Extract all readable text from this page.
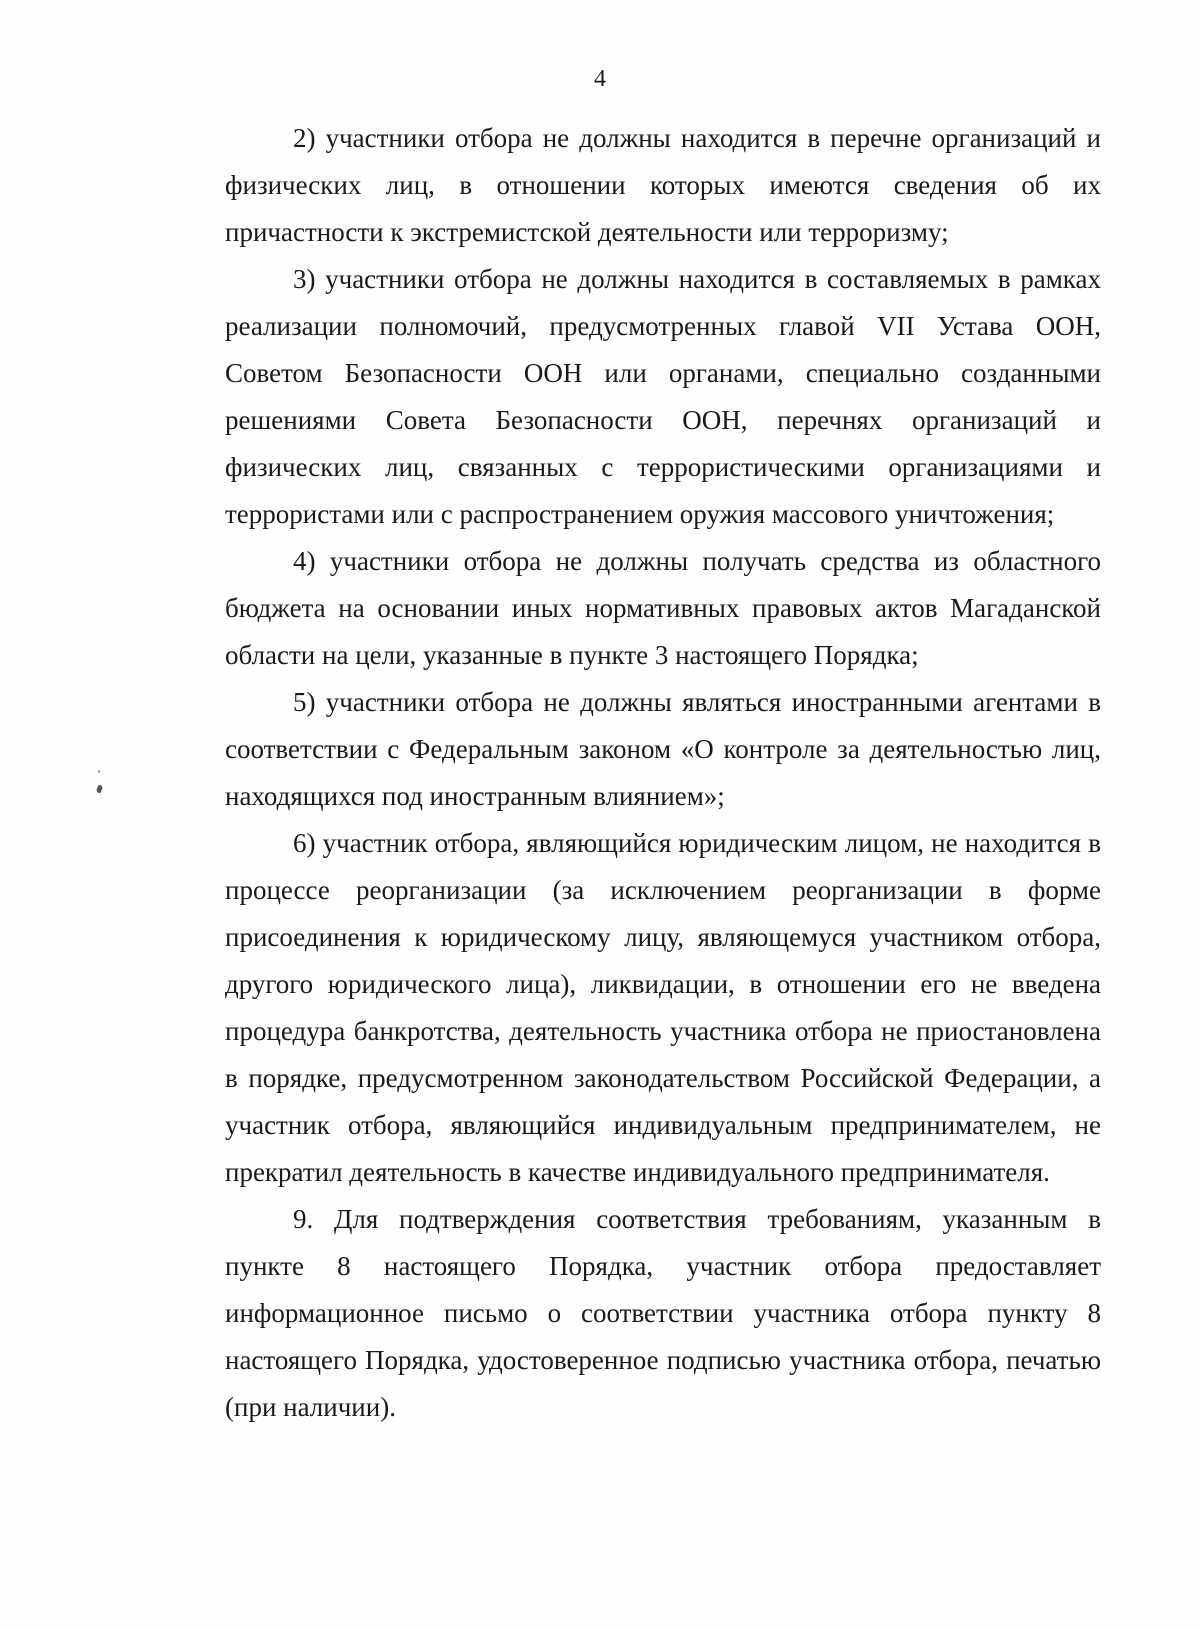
4

2) участники отбора не должны находится в перечне организаций и физических лиц, в отношении которых имеются сведения об их причастности к экстремистской деятельности или терроризму;

3) участники отбора не должны находится в составляемых в рамках реализации полномочий, предусмотренных главой VII Устава ООН, Советом Безопасности ООН или органами, специально созданными решениями Совета Безопасности ООН, перечнях организаций и физических лиц, связанных с террористическими организациями и террористами или с распространением оружия массового уничтожения;

4) участники отбора не должны получать средства из областного бюджета на основании иных нормативных правовых актов Магаданской области на цели, указанные в пункте 3 настоящего Порядка;

5) участники отбора не должны являться иностранными агентами в соответствии с Федеральным законом «О контроле за деятельностью лиц, находящихся под иностранным влиянием»;

6) участник отбора, являющийся юридическим лицом, не находится в процессе реорганизации (за исключением реорганизации в форме присоединения к юридическому лицу, являющемуся участником отбора, другого юридического лица), ликвидации, в отношении его не введена процедура банкротства, деятельность участника отбора не приостановлена в порядке, предусмотренном законодательством Российской Федерации, а участник отбора, являющийся индивидуальным предпринимателем, не прекратил деятельность в качестве индивидуального предпринимателя.

9. Для подтверждения соответствия требованиям, указанным в пункте 8 настоящего Порядка, участник отбора предоставляет информационное письмо о соответствии участника отбора пункту 8 настоящего Порядка, удостоверенное подписью участника отбора, печатью (при наличии).
